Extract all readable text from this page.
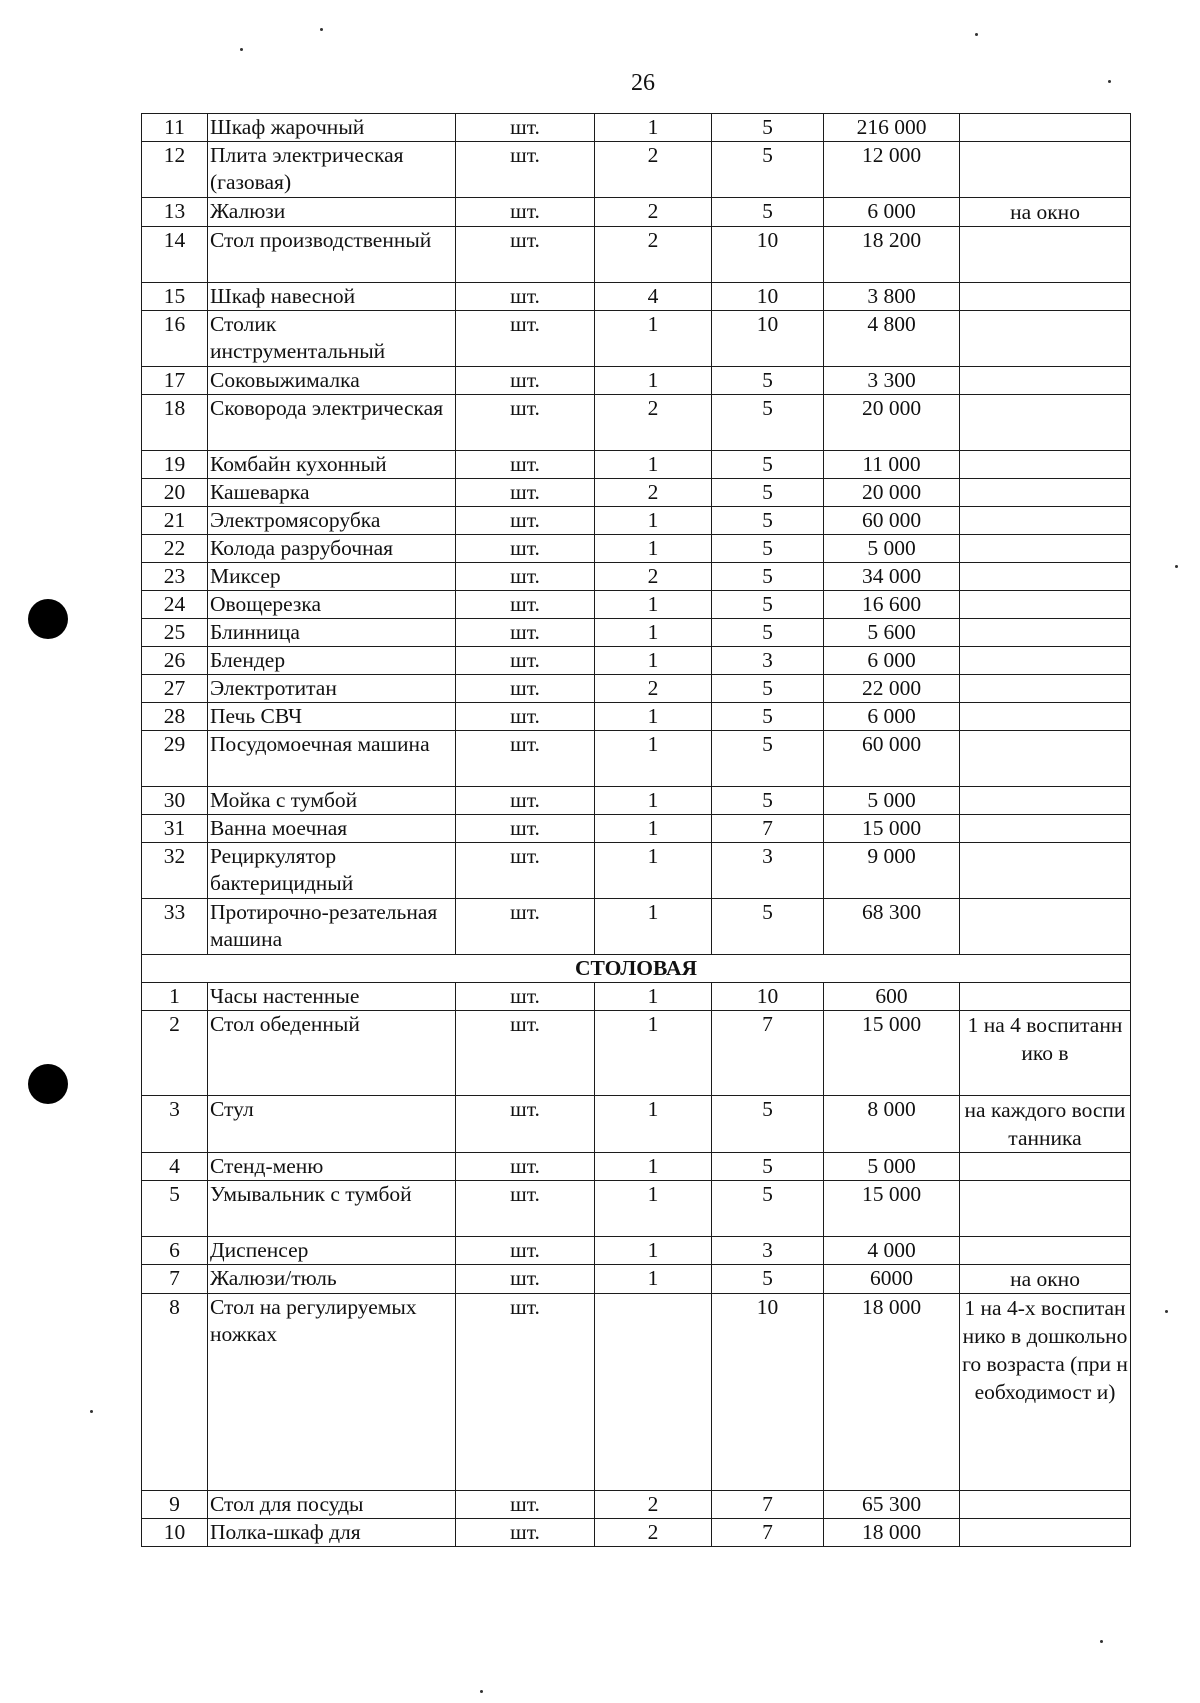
26
11	Шкаф жарочный	шт.	1	5	216 000	
12	Плита электрическая (газовая)	шт.	2	5	12 000	
13	Жалюзи	шт.	2	5	6 000	на окно
14	Стол производственный	шт.	2	10	18 200	
15	Шкаф навесной	шт.	4	10	3 800	
16	Столик инструментальный	шт.	1	10	4 800	
17	Соковыжималка	шт.	1	5	3 300	
18	Сковорода электрическая	шт.	2	5	20 000	
19	Комбайн кухонный	шт.	1	5	11 000	
20	Кашеварка	шт.	2	5	20 000	
21	Электромясорубка	шт.	1	5	60 000	
22	Колода разрубочная	шт.	1	5	5 000	
23	Миксер	шт.	2	5	34 000	
24	Овощерезка	шт.	1	5	16 600	
25	Блинница	шт.	1	5	5 600	
26	Блендер	шт.	1	3	6 000	
27	Электротитан	шт.	2	5	22 000	
28	Печь СВЧ	шт.	1	5	6 000	
29	Посудомоечная машина	шт.	1	5	60 000	
30	Мойка с тумбой	шт.	1	5	5 000	
31	Ванна моечная	шт.	1	7	15 000	
32	Рециркулятор бактерицидный	шт.	1	3	9 000	
33	Протирочно-резательная машина	шт.	1	5	68 300	
СТОЛОВАЯ						
1	Часы настенные	шт.	1	10	600	
2	Стол обеденный	шт.	1	7	15 000	1 на 4 воспитаннико в
3	Стул	шт.	1	5	8 000	на каждого воспитанника
4	Стенд-меню	шт.	1	5	5 000	
5	Умывальник с тумбой	шт.	1	5	15 000	
6	Диспенсер	шт.	1	3	4 000	
7	Жалюзи/тюль	шт.	1	5	6000	на окно
8	Стол на регулируемых ножках	шт.		10	18 000	1 на 4-х воспитаннико в дошкольного возраста (при необходимост и)
9	Стол для посуды	шт.	2	7	65 300	
10	Полка-шкаф для	шт.	2	7	18 000	
